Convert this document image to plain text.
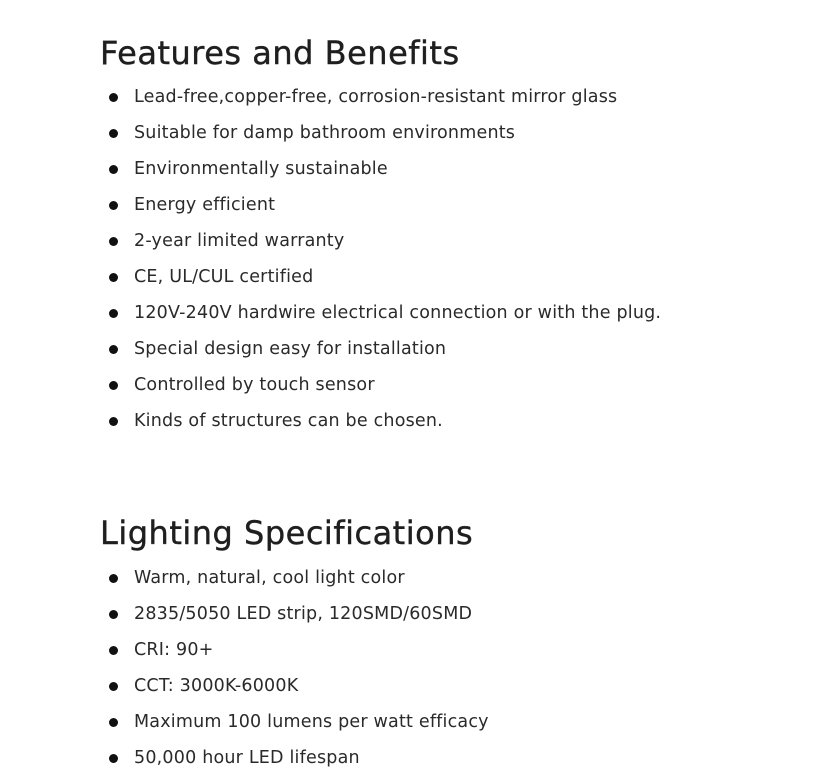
Features and Benefits
Lead-free,copper-free, corrosion-resistant mirror glass
Suitable for damp bathroom environments
Environmentally sustainable
Energy efficient
2-year limited warranty
CE, UL/CUL certified
120V-240V hardwire electrical connection or with the plug.
Special design easy for installation
Controlled by touch sensor
Kinds of structures can be chosen.
Lighting Specifications
Warm, natural, cool light color
2835/5050 LED strip, 120SMD/60SMD
CRI: 90+
CCT: 3000K-6000K
Maximum 100 lumens per watt efficacy
50,000 hour LED lifespan
